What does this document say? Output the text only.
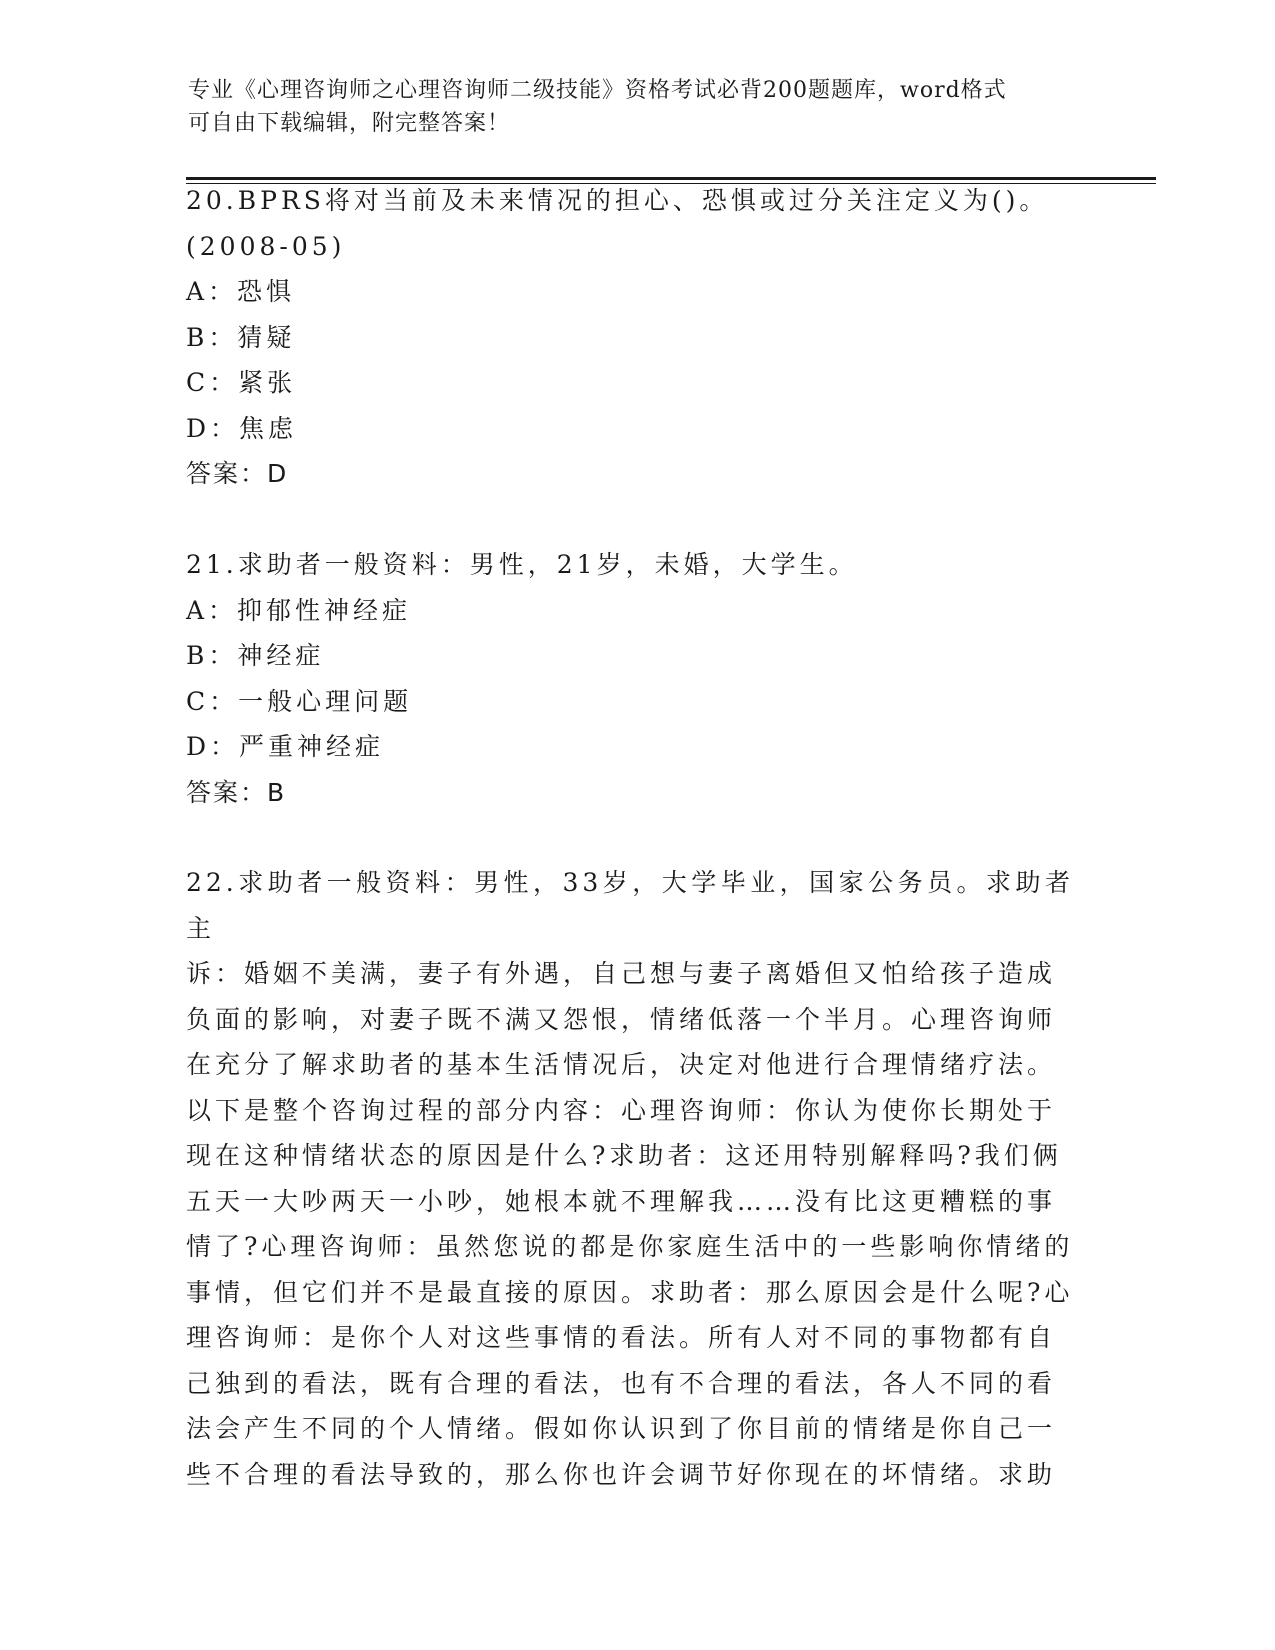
专业《心理咨询师之心理咨询师二级技能》资格考试必背200题题库，word格式
可自由下载编辑，附完整答案！

20.BPRS将对当前及未来情况的担心、恐惧或过分关注定义为()。

(2008-05)

A：恐惧

B：猜疑

C：紧张

D：焦虑

答案：D

21.求助者一般资料：男性，21岁，未婚，大学生。

A：抑郁性神经症

B：神经症

C：一般心理问题

D：严重神经症

答案：B

22.求助者一般资料：男性，33岁，大学毕业，国家公务员。求助者主

诉：婚姻不美满，妻子有外遇，自己想与妻子离婚但又怕给孩子造成

负面的影响，对妻子既不满又怨恨，情绪低落一个半月。心理咨询师

在充分了解求助者的基本生活情况后，决定对他进行合理情绪疗法。

以下是整个咨询过程的部分内容：心理咨询师：你认为使你长期处于

现在这种情绪状态的原因是什么?求助者：这还用特别解释吗?我们俩

五天一大吵两天一小吵，她根本就不理解我……没有比这更糟糕的事

情了?心理咨询师：虽然您说的都是你家庭生活中的一些影响你情绪的

事情，但它们并不是最直接的原因。求助者：那么原因会是什么呢?心

理咨询师：是你个人对这些事情的看法。所有人对不同的事物都有自

己独到的看法，既有合理的看法，也有不合理的看法，各人不同的看

法会产生不同的个人情绪。假如你认识到了你目前的情绪是你自己一

些不合理的看法导致的，那么你也许会调节好你现在的坏情绪。求助
